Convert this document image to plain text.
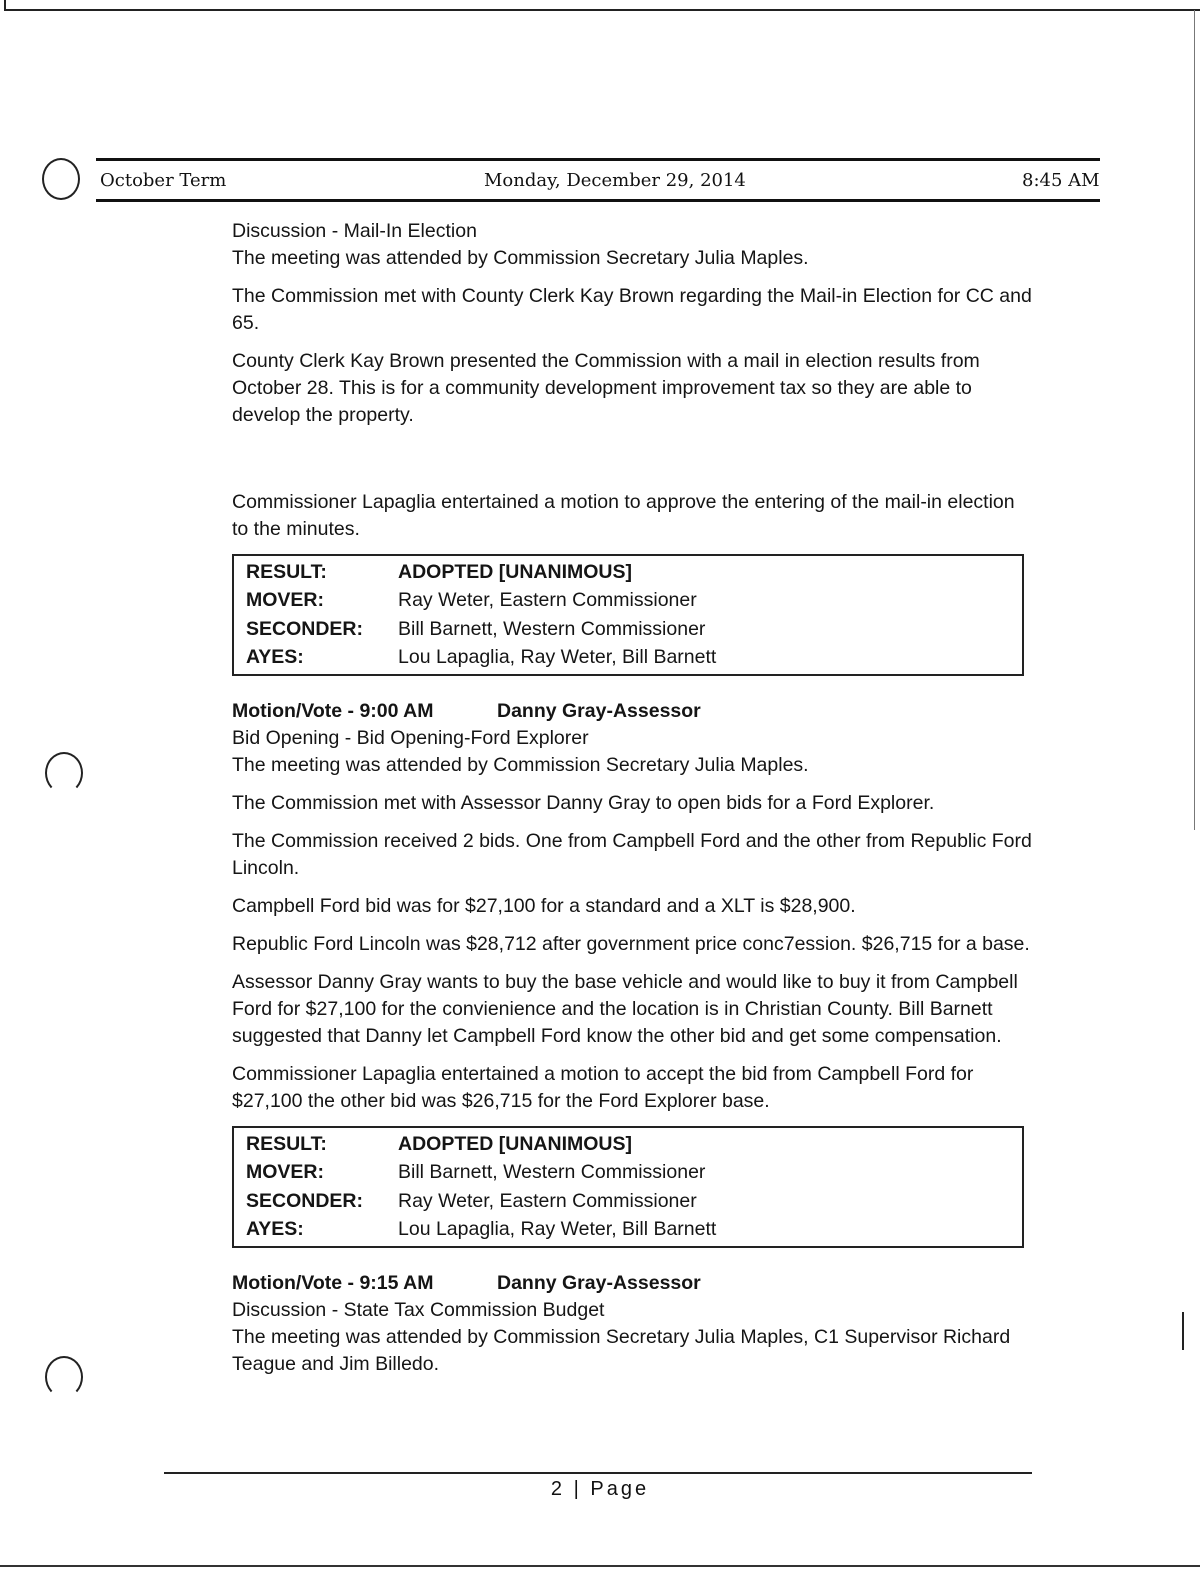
October Term	Monday, December 29, 2014	8:45 AM

Discussion - Mail-In Election

The meeting was attended by Commission Secretary Julia Maples.

The Commission met with County Clerk Kay Brown regarding the Mail-in Election for CC and 65.

County Clerk Kay Brown presented the Commission with a mail in election results from October 28. This is for a community development improvement tax so they are able to develop the property.

Commissioner Lapaglia entertained a motion to approve the entering of the mail-in election to the minutes.

RESULT:	ADOPTED [UNANIMOUS]
MOVER:	Ray Weter, Eastern Commissioner
SECONDER:	Bill Barnett, Western Commissioner
AYES:	Lou Lapaglia, Ray Weter, Bill Barnett

Motion/Vote - 9:00 AM	Danny Gray-Assessor

Bid Opening - Bid Opening-Ford Explorer

The meeting was attended by Commission Secretary Julia Maples.

The Commission met with Assessor Danny Gray to open bids for a Ford Explorer.

The Commission received 2 bids. One from Campbell Ford and the other from Republic Ford Lincoln.

Campbell Ford bid was for $27,100 for a standard and a XLT is $28,900.

Republic Ford Lincoln was $28,712 after government price conc7ession. $26,715 for a base.

Assessor Danny Gray wants to buy the base vehicle and would like to buy it from Campbell Ford for $27,100 for the convienience and the location is in Christian County. Bill Barnett suggested that Danny let Campbell Ford know the other bid and get some compensation.

Commissioner Lapaglia entertained a motion to accept the bid from Campbell Ford for $27,100 the other bid was $26,715 for the Ford Explorer base.

RESULT:	ADOPTED [UNANIMOUS]
MOVER:	Bill Barnett, Western Commissioner
SECONDER:	Ray Weter, Eastern Commissioner
AYES:	Lou Lapaglia, Ray Weter, Bill Barnett

Motion/Vote - 9:15 AM	Danny Gray-Assessor

Discussion - State Tax Commission Budget

The meeting was attended by Commission Secretary Julia Maples, C1 Supervisor Richard Teague and Jim Billedo.

2 | Page
